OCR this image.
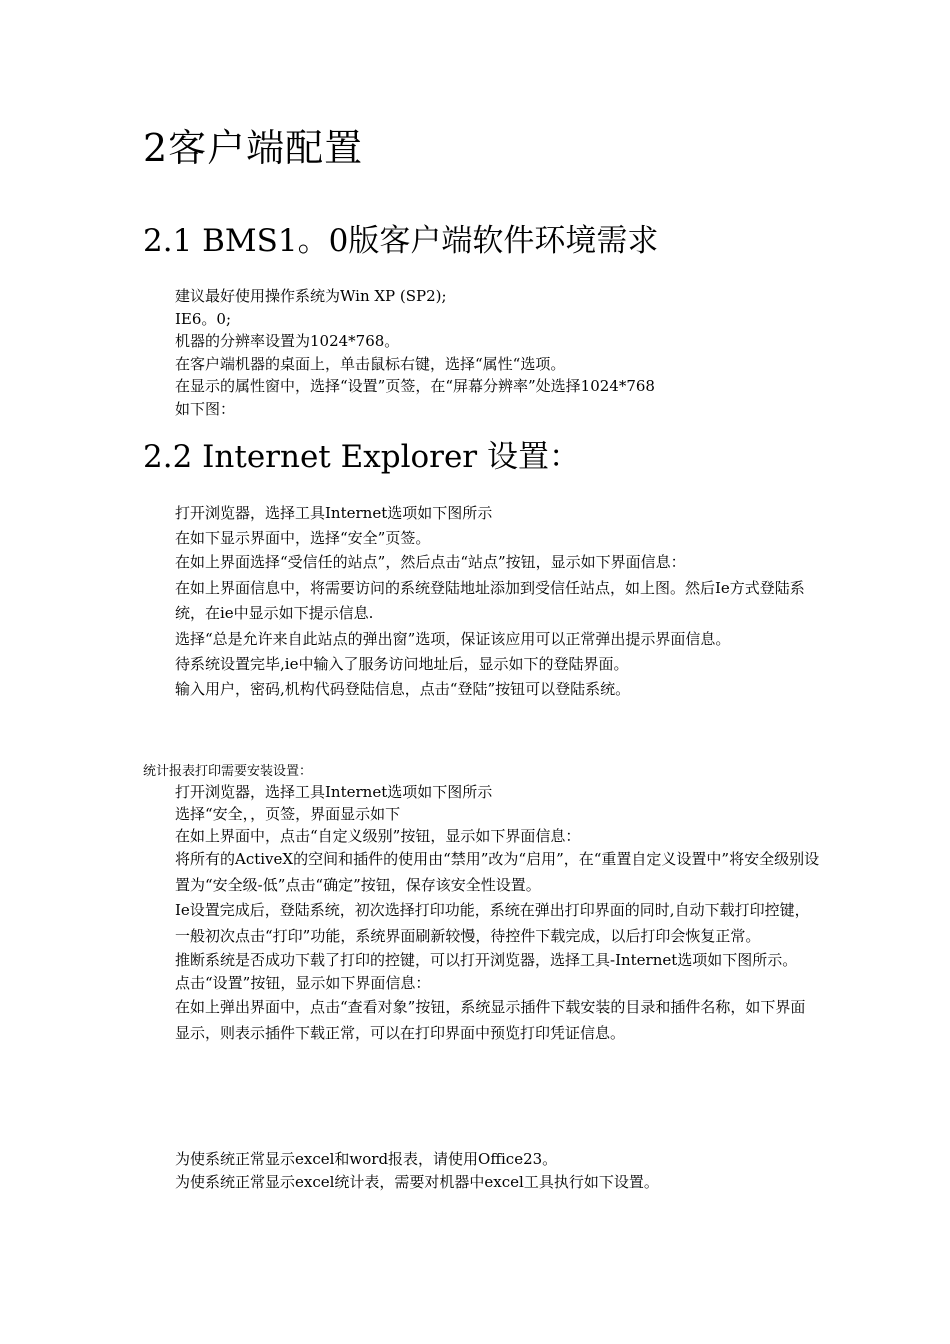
2客户端配置
2.1 BMS1。0版客户端软件环境需求

建议最好使用操作系统为Win XP (SP2);

IE6。0;

机器的分辨率设置为1024*768。

在客户端机器的桌面上，单击鼠标右键，选择“属性“选项。

在显示的属性窗中，选择“设置”页签，在“屏幕分辨率”处选择1024*768

如下图：

2.2 Internet Explorer 设置：

打开浏览器，选择工具Internet选项如下图所示

在如下显示界面中，选择“安全”页签。

在如上界面选择“受信任的站点”，然后点击“站点”按钮，显示如下界面信息：

在如上界面信息中，将需要访问的系统登陆地址添加到受信任站点，如上图。然后Ie方式登陆系统，在ie中显示如下提示信息.

选择“总是允许来自此站点的弹出窗”选项，保证该应用可以正常弹出提示界面信息。

待系统设置完毕,ie中输入了服务访问地址后，显示如下的登陆界面。

输入用户，密码,机构代码登陆信息，点击“登陆”按钮可以登陆系统。

统计报表打印需要安装设置：

打开浏览器，选择工具Internet选项如下图所示

选择“安全，，页签，界面显示如下

在如上界面中，点击“自定义级别”按钮，显示如下界面信息：

将所有的ActiveX的空间和插件的使用由“禁用”改为“启用”，在“重置自定义设置中”将安全级别设置为“安全级-低”点击“确定”按钮，保存该安全性设置。

Ie设置完成后，登陆系统，初次选择打印功能，系统在弹出打印界面的同时,自动下载打印控键，一般初次点击“打印”功能，系统界面刷新较慢，待控件下载完成，以后打印会恢复正常。

推断系统是否成功下载了打印的控键，可以打开浏览器，选择工具-Internet选项如下图所示。

点击“设置”按钮，显示如下界面信息：

在如上弹出界面中，点击“查看对象”按钮，系统显示插件下载安装的目录和插件名称，如下界面显示，则表示插件下载正常，可以在打印界面中预览打印凭证信息。

为使系统正常显示excel和word报表，请使用Office23。

为使系统正常显示excel统计表，需要对机器中excel工具执行如下设置。
